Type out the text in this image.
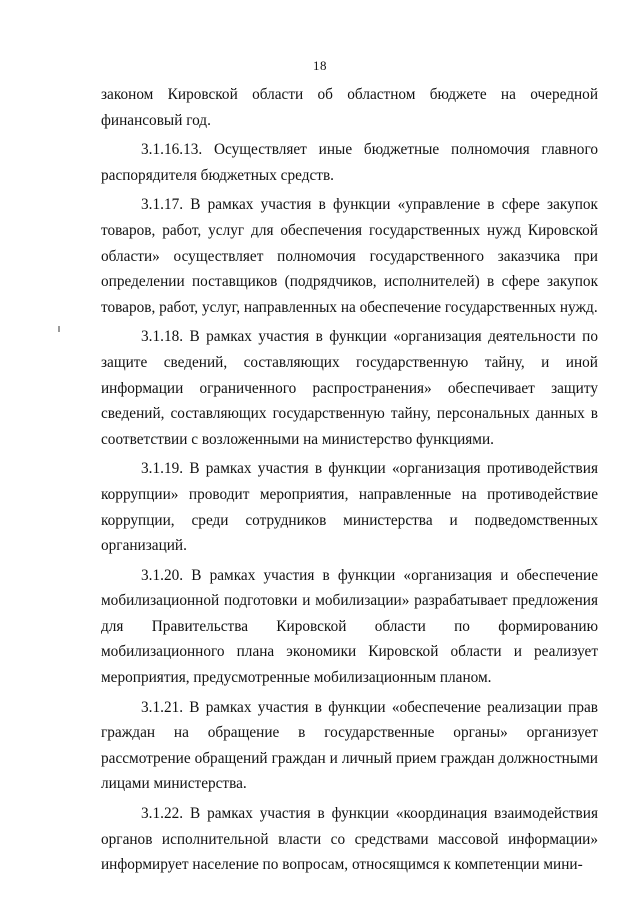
18

законом Кировской области об областном бюджете на очередной финансовый год.

3.1.16.13. Осуществляет иные бюджетные полномочия главного распорядителя бюджетных средств.

3.1.17. В рамках участия в функции «управление в сфере закупок товаров, работ, услуг для обеспечения государственных нужд Кировской области» осуществляет полномочия государственного заказчика при определении поставщиков (подрядчиков, исполнителей) в сфере закупок товаров, работ, услуг, направленных на обеспечение государственных нужд.

3.1.18. В рамках участия в функции «организация деятельности по защите сведений, составляющих государственную тайну, и иной информации ограниченного распространения» обеспечивает защиту сведений, составляющих государственную тайну, персональных данных в соответствии с возложенными на министерство функциями.

3.1.19. В рамках участия в функции «организация противодействия коррупции» проводит мероприятия, направленные на противодействие коррупции, среди сотрудников министерства и подведомственных организаций.

3.1.20. В рамках участия в функции «организация и обеспечение мобилизационной подготовки и мобилизации» разрабатывает предложения для Правительства Кировской области по формированию мобилизационного плана экономики Кировской области и реализует мероприятия, предусмотренные мобилизационным планом.

3.1.21. В рамках участия в функции «обеспечение реализации прав граждан на обращение в государственные органы» организует рассмотрение обращений граждан и личный прием граждан должностными лицами министерства.

3.1.22. В рамках участия в функции «координация взаимодействия органов исполнительной власти со средствами массовой информации» информирует население по вопросам, относящимся к компетенции мини-
